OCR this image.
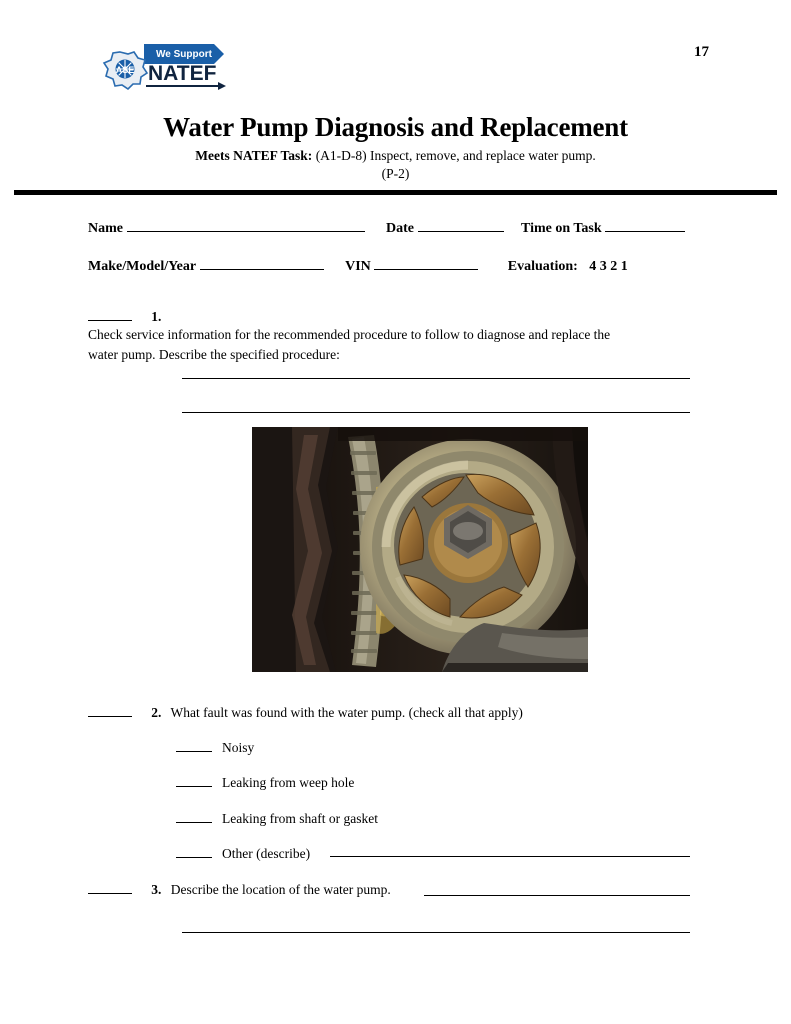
17
We Support
ASE NATEF
Water Pump Diagnosis and Replacement
Meets NATEF Task: (A1-D-8) Inspect, remove, and replace water pump.
(P-2)
Name	Date	Time on Task
Make/Model/Year	VIN	Evaluation: 4 3 2 1
1. Check service information for the recommended procedure to follow to diagnose and replace the water pump. Describe the specified procedure:
2. What fault was found with the water pump. (check all that apply)
Noisy
Leaking from weep hole
Leaking from shaft or gasket
Other (describe)
3. Describe the location of the water pump.
